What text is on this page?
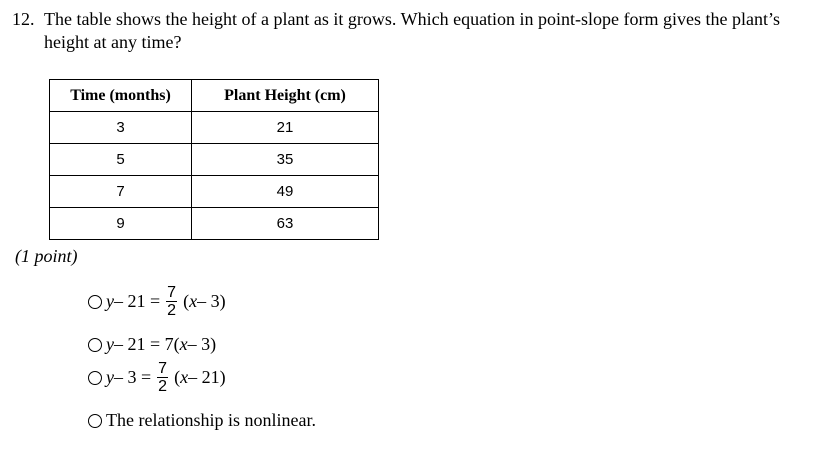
12. The table shows the height of a plant as it grows. Which equation in point-slope form gives the plant’s height at any time?
Time (months)	Plant Height (cm)
3	21
5	35
7	49
9	63
(1 point)
$y - 21 = \frac{7}{2}$ ( x – 3)
y – 21 = 7( x – 3)
$y - 3 = \frac{7}{2}$ ( x – 21)
The relationship is nonlinear.
